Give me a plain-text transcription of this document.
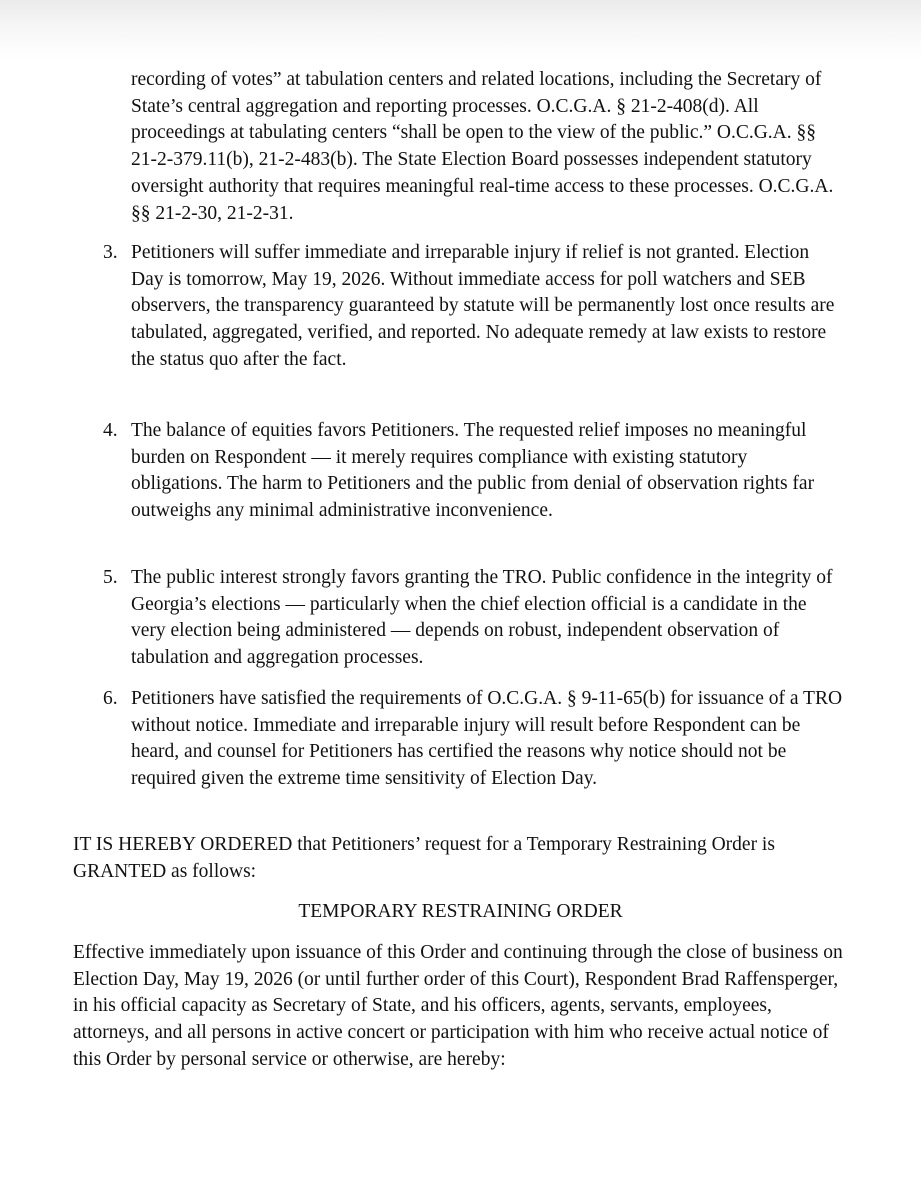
recording of votes” at tabulation centers and related locations, including the Secretary of State’s central aggregation and reporting processes. O.C.G.A. § 21-2-408(d). All proceedings at tabulating centers “shall be open to the view of the public.” O.C.G.A. §§ 21-2-379.11(b), 21-2-483(b). The State Election Board possesses independent statutory oversight authority that requires meaningful real-time access to these processes. O.C.G.A. §§ 21-2-30, 21-2-31.

3. Petitioners will suffer immediate and irreparable injury if relief is not granted. Election Day is tomorrow, May 19, 2026. Without immediate access for poll watchers and SEB observers, the transparency guaranteed by statute will be permanently lost once results are tabulated, aggregated, verified, and reported. No adequate remedy at law exists to restore the status quo after the fact.

4. The balance of equities favors Petitioners. The requested relief imposes no meaningful burden on Respondent — it merely requires compliance with existing statutory obligations. The harm to Petitioners and the public from denial of observation rights far outweighs any minimal administrative inconvenience.

5. The public interest strongly favors granting the TRO. Public confidence in the integrity of Georgia’s elections — particularly when the chief election official is a candidate in the very election being administered — depends on robust, independent observation of tabulation and aggregation processes.

6. Petitioners have satisfied the requirements of O.C.G.A. § 9-11-65(b) for issuance of a TRO without notice. Immediate and irreparable injury will result before Respondent can be heard, and counsel for Petitioners has certified the reasons why notice should not be required given the extreme time sensitivity of Election Day.

IT IS HEREBY ORDERED that Petitioners’ request for a Temporary Restraining Order is GRANTED as follows:

TEMPORARY RESTRAINING ORDER

Effective immediately upon issuance of this Order and continuing through the close of business on Election Day, May 19, 2026 (or until further order of this Court), Respondent Brad Raffensperger, in his official capacity as Secretary of State, and his officers, agents, servants, employees, attorneys, and all persons in active concert or participation with him who receive actual notice of this Order by personal service or otherwise, are hereby:
